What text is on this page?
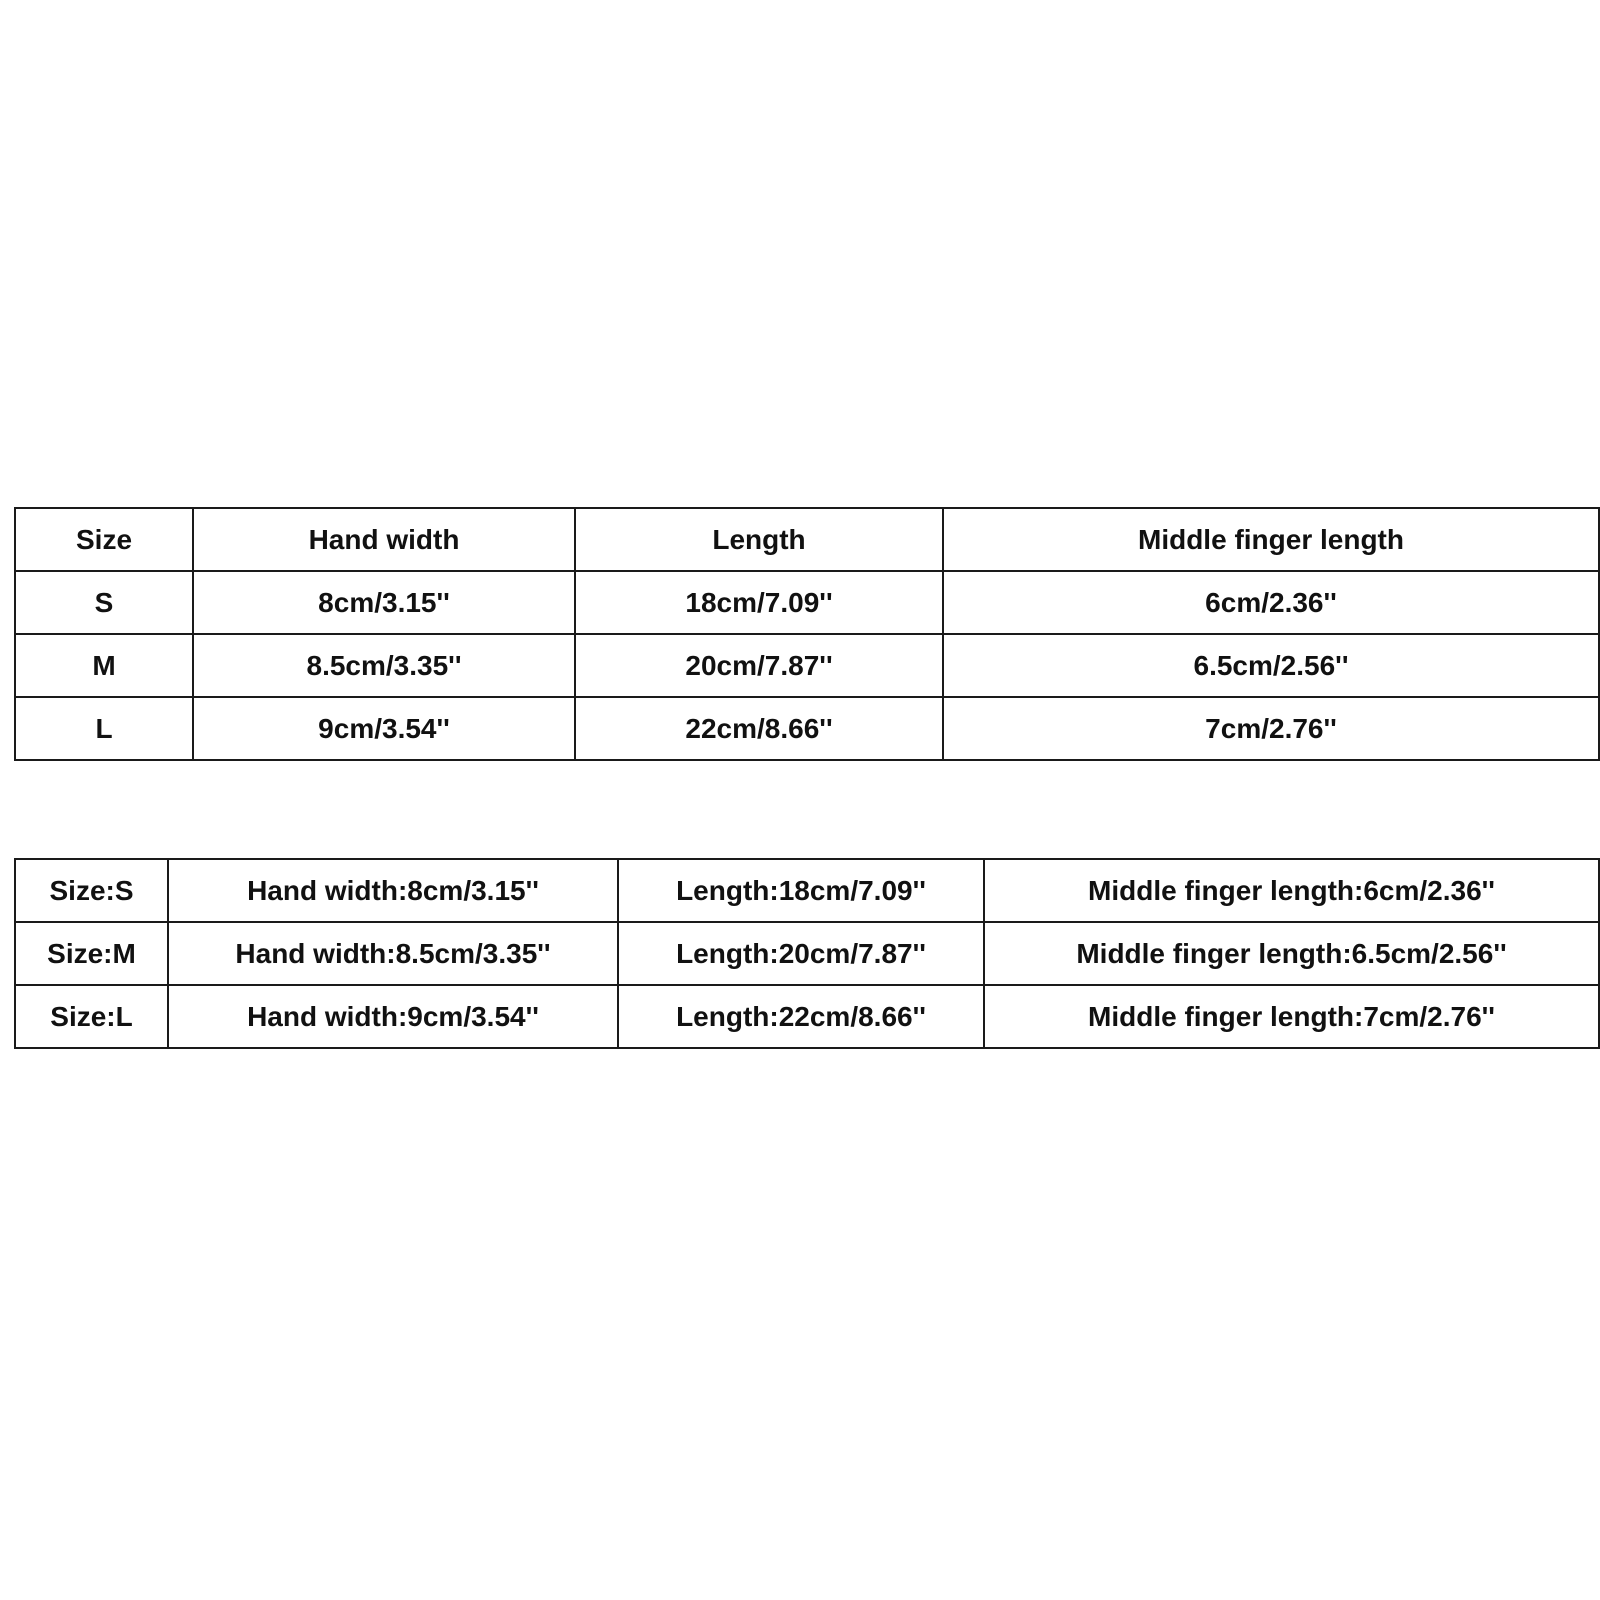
Size	Hand width	Length	Middle finger length
S	8cm/3.15''	18cm/7.09''	6cm/2.36''
M	8.5cm/3.35''	20cm/7.87''	6.5cm/2.56''
L	9cm/3.54''	22cm/8.66''	7cm/2.76''
Size:S	Hand width:8cm/3.15''	Length:18cm/7.09''	Middle finger length:6cm/2.36''
Size:M	Hand width:8.5cm/3.35''	Length:20cm/7.87''	Middle finger length:6.5cm/2.56''
Size:L	Hand width:9cm/3.54''	Length:22cm/8.66''	Middle finger length:7cm/2.76''
